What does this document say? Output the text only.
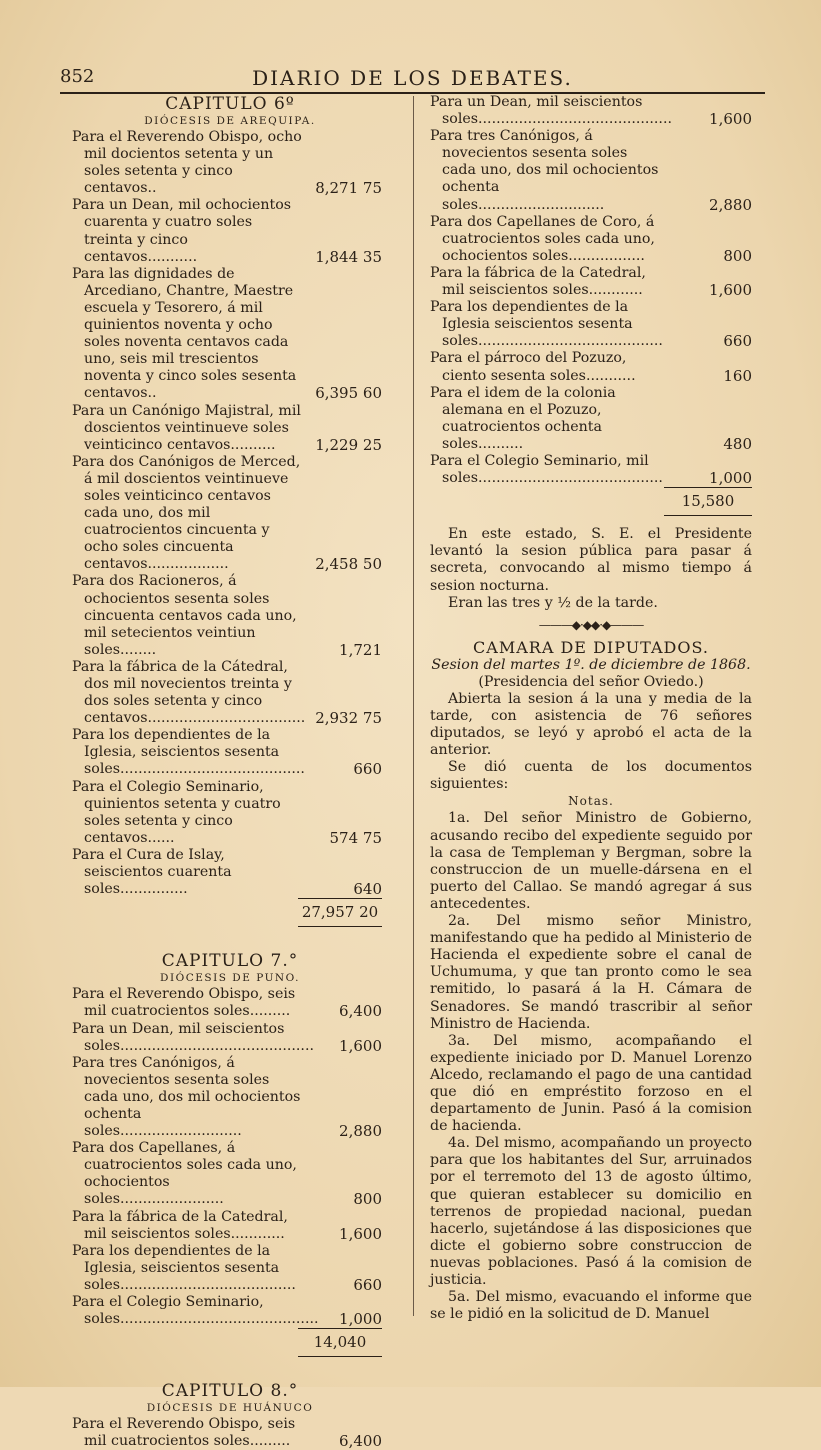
852	DIARIO DE LOS DEBATES.
CAPITULO 6º
DIÓCESIS DE AREQUIPA.
Para el Reverendo Obispo, ocho mil docientos setenta y un soles setenta y cinco centavos..	8,271 75
Para un Dean, mil ochocientos cuarenta y cuatro soles treinta y cinco centavos...........	1,844 35
Para las dignidades de Arcediano, Chantre, Maestre escuela y Tesorero, á mil quinientos noventa y ocho soles noventa centavos cada uno, seis mil trescientos noventa y cinco soles sesenta centavos..	6,395 60
Para un Canónigo Majistral, mil doscientos veintinueve soles veinticinco centavos..........	1,229 25
Para dos Canónigos de Merced, á mil doscientos veintinueve soles veinticinco centavos cada uno, dos mil cuatrocientos cincuenta y ocho soles cincuenta centavos..................	2,458 50
Para dos Racioneros, á ochocientos sesenta soles cincuenta centavos cada uno, mil setecientos veintiun soles........	1,721
Para la fábrica de la Cátedral, dos mil novecientos treinta y dos soles setenta y cinco centavos................................... 2,932 75
Para los dependientes de la Iglesia, seiscientos sesenta soles.........................................	660
Para el Colegio Seminario, quinientos setenta y cuatro soles setenta y cinco centavos......	574 75
Para el Cura de Islay, seiscientos cuarenta soles...............	640
27,957 20
CAPITULO 7.°
DIÓCESIS DE PUNO.
Para el Reverendo Obispo, seis mil cuatrocientos soles.........	6,400
Para un Dean, mil seiscientos soles...........................................	1,600
Para tres Canónigos, á novecientos sesenta soles cada uno, dos mil ochocientos ochenta soles...........................	2,880
Para dos Capellanes, á cuatrocientos soles cada uno, ochocientos soles.......................	800
Para la fábrica de la Catedral, mil seiscientos soles............	1,600
Para los dependientes de la Iglesia, seiscientos sesenta soles.......................................	660
Para el Colegio Seminario, soles............................................	1,000
14,040
CAPITULO 8.°
DIÓCESIS DE HUÁNUCO
Para el Reverendo Obispo, seis mil cuatrocientos soles.........	6,400
Para un Dean, mil seiscientos soles...........................................	1,600
Para tres Canónigos, á novecientos sesenta soles cada uno, dos mil ochocientos ochenta soles............................	2,880
Para dos Capellanes de Coro, á cuatrocientos soles cada uno, ochocientos soles.................	800
Para la fábrica de la Catedral, mil seiscientos soles............	1,600
Para los dependientes de la Iglesia seiscientos sesenta soles.........................................	660
Para el párroco del Pozuzo, ciento sesenta soles...........	160
Para el idem de la colonia alemana en el Pozuzo, cuatrocientos ochenta soles..........	480
Para el Colegio Seminario, mil soles.........................................	1,000
15,580
En este estado, S. E. el Presidente levantó la sesion pública para pasar á secreta, convocando al mismo tiempo á sesion nocturna.
Eran las tres y ½ de la tarde.
———◆·◆◆·◆———
CAMARA DE DIPUTADOS.
Sesion del martes 1º. de diciembre de 1868.
(Presidencia del señor Oviedo.)
Abierta la sesion á la una y media de la tarde, con asistencia de 76 señores diputados, se leyó y aprobó el acta de la anterior.
Se dió cuenta de los documentos siguientes:
Notas.
1a. Del señor Ministro de Gobierno, acusando recibo del expediente seguido por la casa de Templeman y Bergman, sobre la construccion de un muelle-dársena en el puerto del Callao. Se mandó agregar á sus antecedentes.
2a. Del mismo señor Ministro, manifestando que ha pedido al Ministerio de Hacienda el expediente sobre el canal de Uchumuma, y que tan pronto como le sea remitido, lo pasará á la H. Cámara de Senadores. Se mandó trascribir al señor Ministro de Hacienda.
3a. Del mismo, acompañando el expediente iniciado por D. Manuel Lorenzo Alcedo, reclamando el pago de una cantidad que dió en empréstito forzoso en el departamento de Junin. Pasó á la comision de hacienda.
4a. Del mismo, acompañando un proyecto para que los habitantes del Sur, arruinados por el terremoto del 13 de agosto último, que quieran establecer su domicilio en terrenos de propiedad nacional, puedan hacerlo, sujetándose á las disposiciones que dicte el gobierno sobre construccion de nuevas poblaciones. Pasó á la comision de justicia.
5a. Del mismo, evacuando el informe que se le pidió en la solicitud de D. Manuel
